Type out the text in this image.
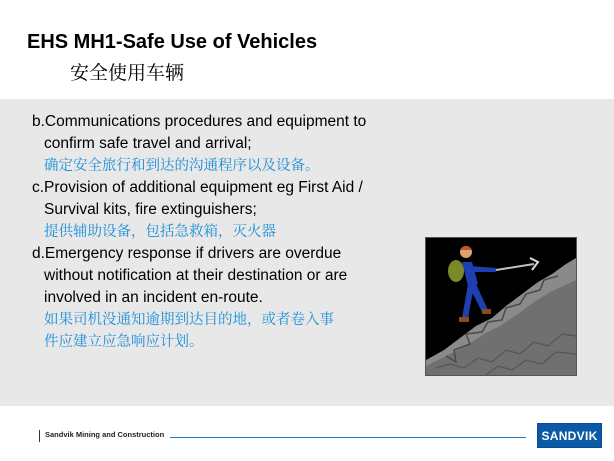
EHS MH1-Safe Use of Vehicles
安全使用车辆
b.Communications procedures and equipment to
confirm safe travel and arrival;
确定安全旅行和到达的沟通程序以及设备。
c.Provision of additional equipment eg First Aid /
Survival kits, fire extinguishers;
提供辅助设备，包括急救箱，灭火器
d.Emergency response if drivers are overdue
without notification at their destination or are
involved in an incident en-route.
如果司机没通知逾期到达目的地，或者卷入事
件应建立应急响应计划。
Sandvik Mining and Construction	SANDVIK
